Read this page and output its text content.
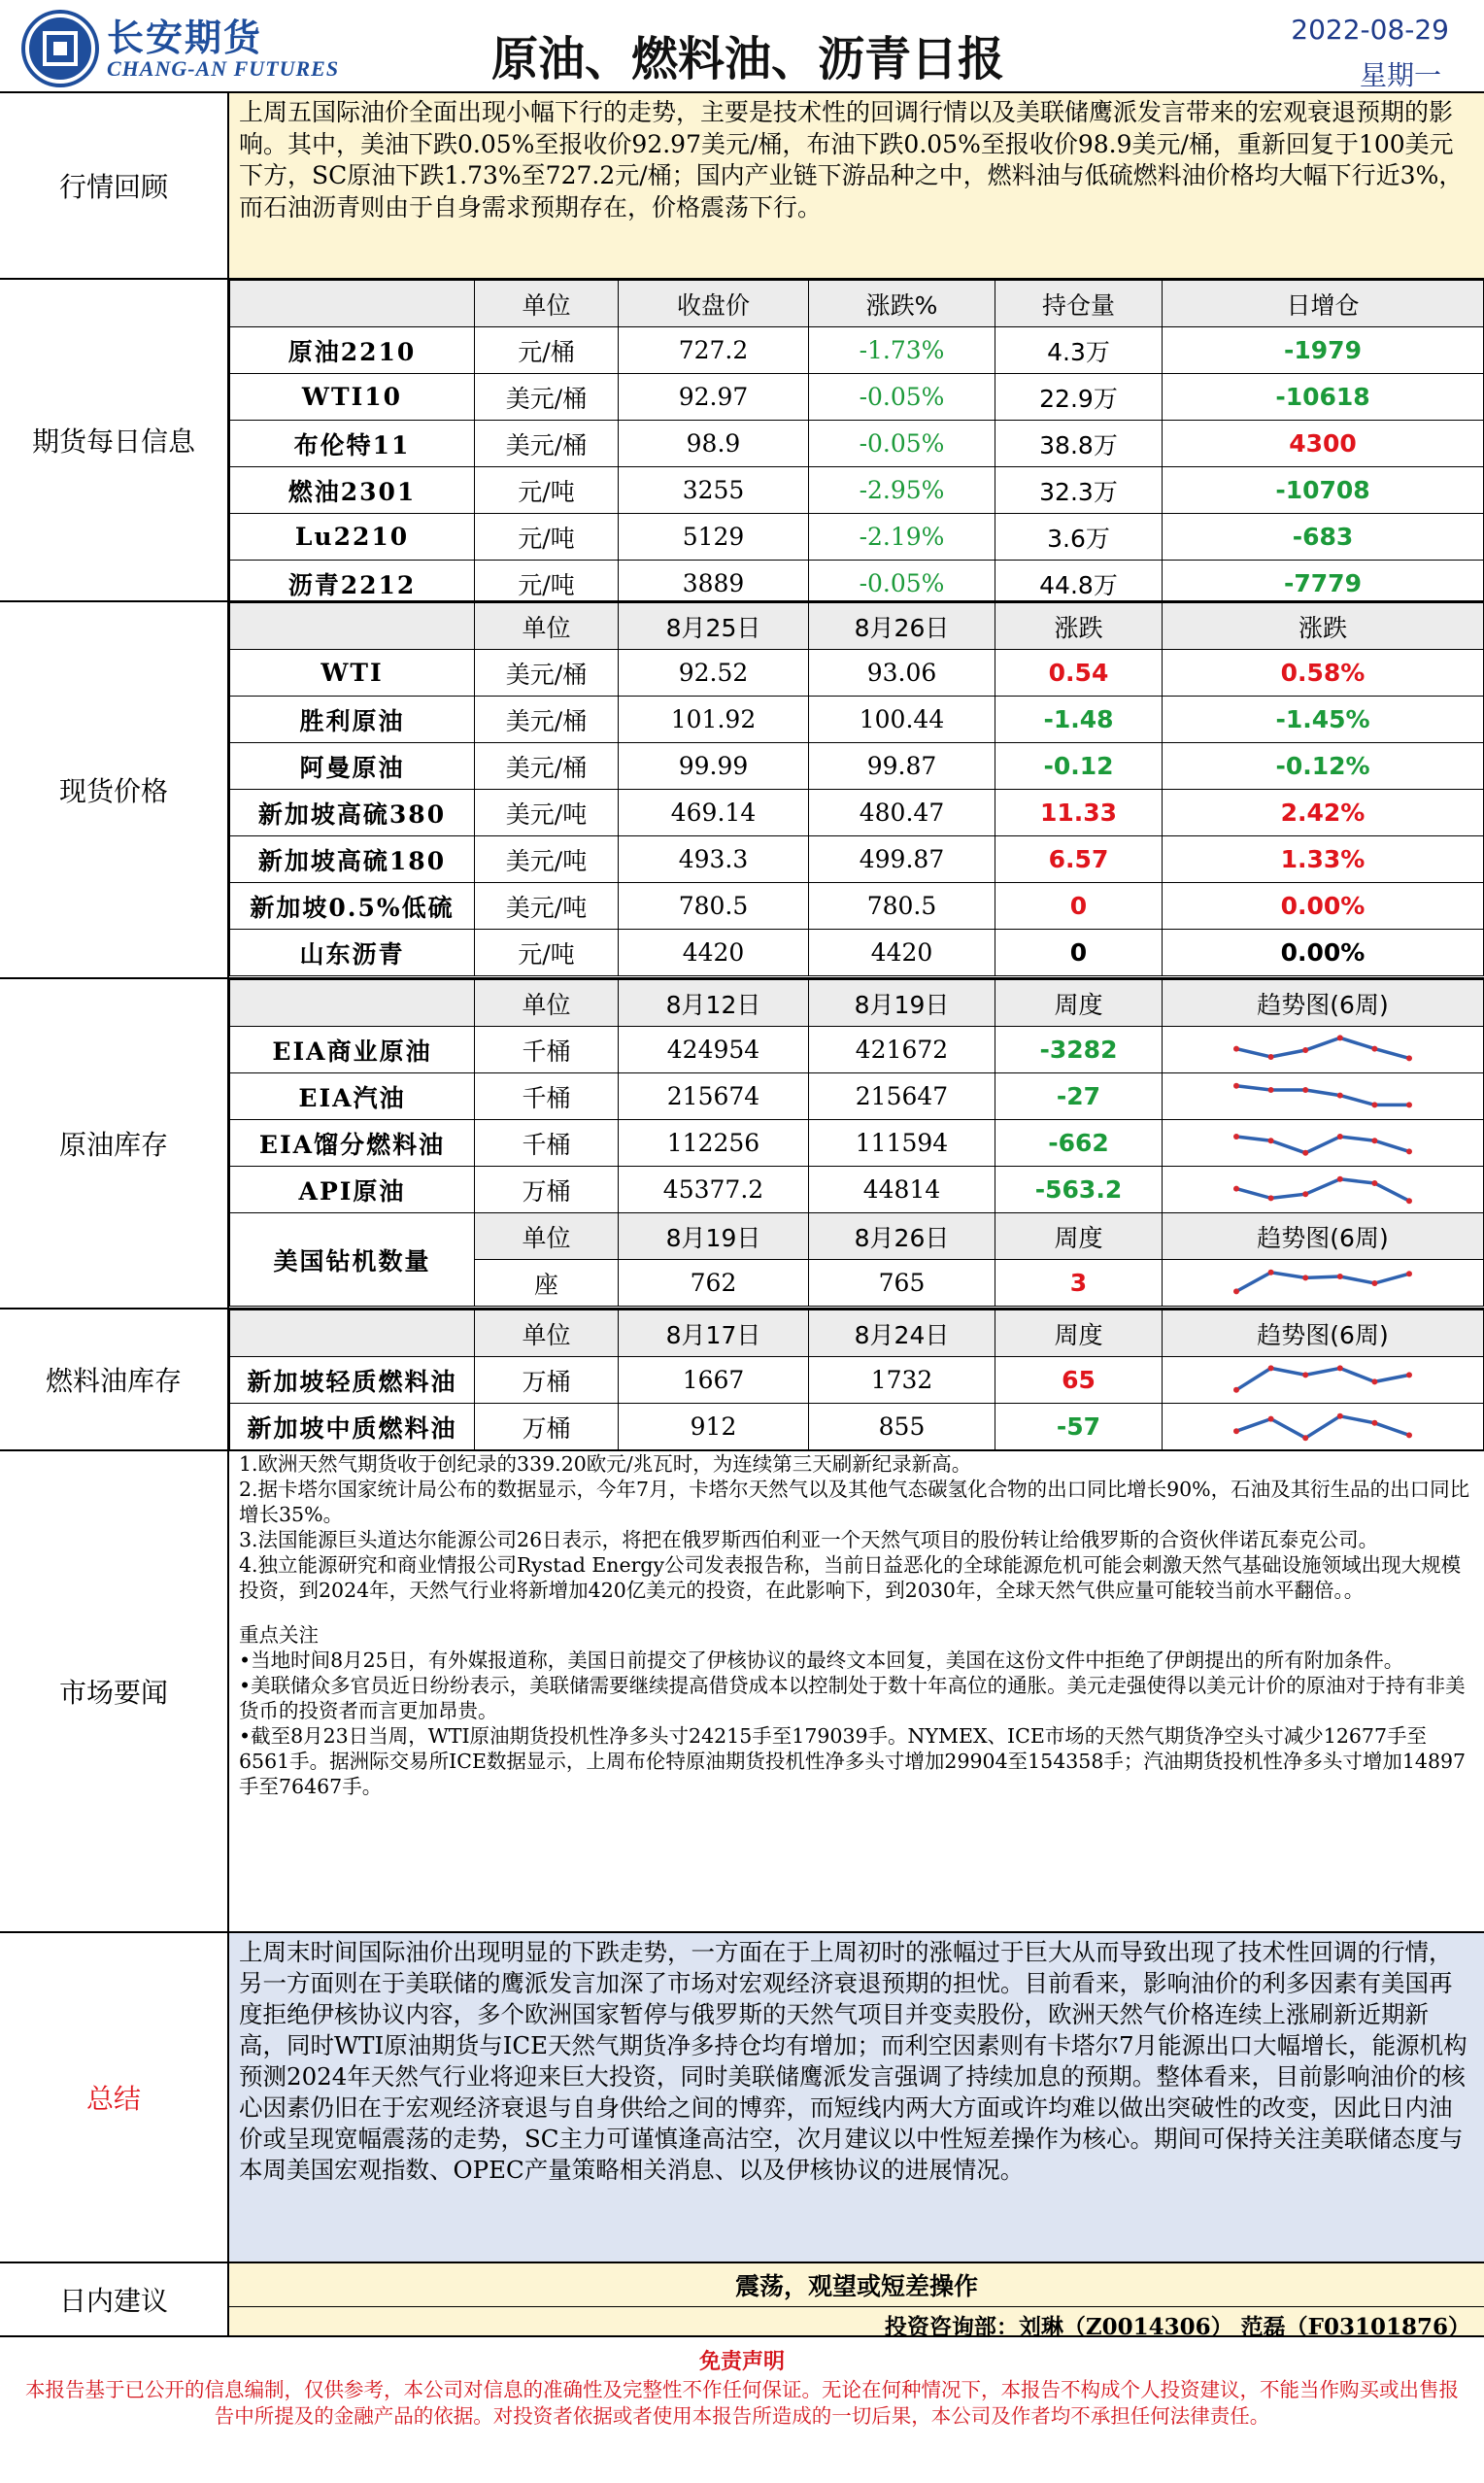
长安期货
CHANG-AN FUTURES	原油、燃料油、沥青日报
2022-08-29
星期一
行情回顾
上周五国际油价全面出现小幅下行的走势，主要是技术性的回调行情以及美联储鹰派发言带来的宏观衰退预期的影响。其中，美油下跌0.05%至报收价92.97美元/桶，布油下跌0.05%至报收价98.9美元/桶，重新回复于100美元下方，SC原油下跌1.73%至727.2元/桶；国内产业链下游品种之中，燃料油与低硫燃料油价格均大幅下行近3%，而石油沥青则由于自身需求预期存在，价格震荡下行。
期货每日信息
	单位	收盘价	涨跌%	持仓量	日增仓
原油2210	元/桶	727.2	-1.73%	4.3万	-1979
WTI10	美元/桶	92.97	-0.05%	22.9万	-10618
布伦特11	美元/桶	98.9	-0.05%	38.8万	4300
燃油2301	元/吨	3255	-2.95%	32.3万	-10708
Lu2210	元/吨	5129	-2.19%	3.6万	-683
沥青2212	元/吨	3889	-0.05%	44.8万	-7779
现货价格
	单位	8月25日	8月26日	涨跌	涨跌
WTI	美元/桶	92.52	93.06	0.54	0.58%
胜利原油	美元/桶	101.92	100.44	-1.48	-1.45%
阿曼原油	美元/桶	99.99	99.87	-0.12	-0.12%
新加坡高硫380	美元/吨	469.14	480.47	11.33	2.42%
新加坡高硫180	美元/吨	493.3	499.87	6.57	1.33%
新加坡0.5%低硫	美元/吨	780.5	780.5	0	0.00%
山东沥青	元/吨	4420	4420	0	0.00%
原油库存
	单位	8月12日	8月19日	周度	趋势图(6周)
EIA商业原油	千桶	424954	421672	-3282	

EIA汽油	千桶	215674	215647	-27	

EIA馏分燃料油	千桶	112256	111594	-662	

API原油	万桶	45377.2	44814	-563.2	

美国钻机数量	单位	8月19日	8月26日	周度	趋势图(6周)
	座	762	765	3	
燃料油库存
	单位	8月17日	8月24日	周度	趋势图(6周)
新加坡轻质燃料油	万桶	1667	1732	65	

新加坡中质燃料油	万桶	912	855	-57	
市场要闻

1.欧洲天然气期货收于创纪录的339.20欧元/兆瓦时，为连续第三天刷新纪录新高。

2.据卡塔尔国家统计局公布的数据显示，今年7月，卡塔尔天然气以及其他气态碳氢化合物的出口同比增长90%，石油及其衍生品的出口同比增长35%。

3.法国能源巨头道达尔能源公司26日表示，将把在俄罗斯西伯利亚一个天然气项目的股份转让给俄罗斯的合资伙伴诺瓦泰克公司。

4.独立能源研究和商业情报公司Rystad Energy公司发表报告称，当前日益恶化的全球能源危机可能会刺激天然气基础设施领域出现大规模投资，到2024年，天然气行业将新增加420亿美元的投资，在此影响下，到2030年，全球天然气供应量可能较当前水平翻倍。。

重点关注

•当地时间8月25日，有外媒报道称，美国日前提交了伊核协议的最终文本回复，美国在这份文件中拒绝了伊朗提出的所有附加条件。

•美联储众多官员近日纷纷表示，美联储需要继续提高借贷成本以控制处于数十年高位的通胀。美元走强使得以美元计价的原油对于持有非美货币的投资者而言更加昂贵。

•截至8月23日当周，WTI原油期货投机性净多头寸24215手至179039手。NYMEX、ICE市场的天然气期货净空头寸减少12677手至6561手。据洲际交易所ICE数据显示，上周布伦特原油期货投机性净多头寸增加29904至154358手；汽油期货投机性净多头寸增加14897手至76467手。

总结
上周末时间国际油价出现明显的下跌走势，一方面在于上周初时的涨幅过于巨大从而导致出现了技术性回调的行情，另一方面则在于美联储的鹰派发言加深了市场对宏观经济衰退预期的担忧。目前看来，影响油价的利多因素有美国再度拒绝伊核协议内容，多个欧洲国家暂停与俄罗斯的天然气项目并变卖股份，欧洲天然气价格连续上涨刷新近期新高，同时WTI原油期货与ICE天然气期货净多持仓均有增加；而利空因素则有卡塔尔7月能源出口大幅增长，能源机构预测2024年天然气行业将迎来巨大投资，同时美联储鹰派发言强调了持续加息的预期。整体看来，目前影响油价的核心因素仍旧在于宏观经济衰退与自身供给之间的博弈，而短线内两大方面或许均难以做出突破性的改变，因此日内油价或呈现宽幅震荡的走势，SC主力可谨慎逢高沽空，次月建议以中性短差操作为核心。期间可保持关注美联储态度与本周美国宏观指数、OPEC产量策略相关消息、以及伊核协议的进展情况。
日内建议	震荡，观望或短差操作
投资咨询部：刘琳（Z0014306） 范磊（F03101876）
免责声明
本报告基于已公开的信息编制，仅供参考，本公司对信息的准确性及完整性不作任何保证。无论在何种情况下，本报告不构成个人投资建议，不能当作购买或出售报告中所提及的金融产品的依据。对投资者依据或者使用本报告所造成的一切后果，本公司及作者均不承担任何法律责任。
